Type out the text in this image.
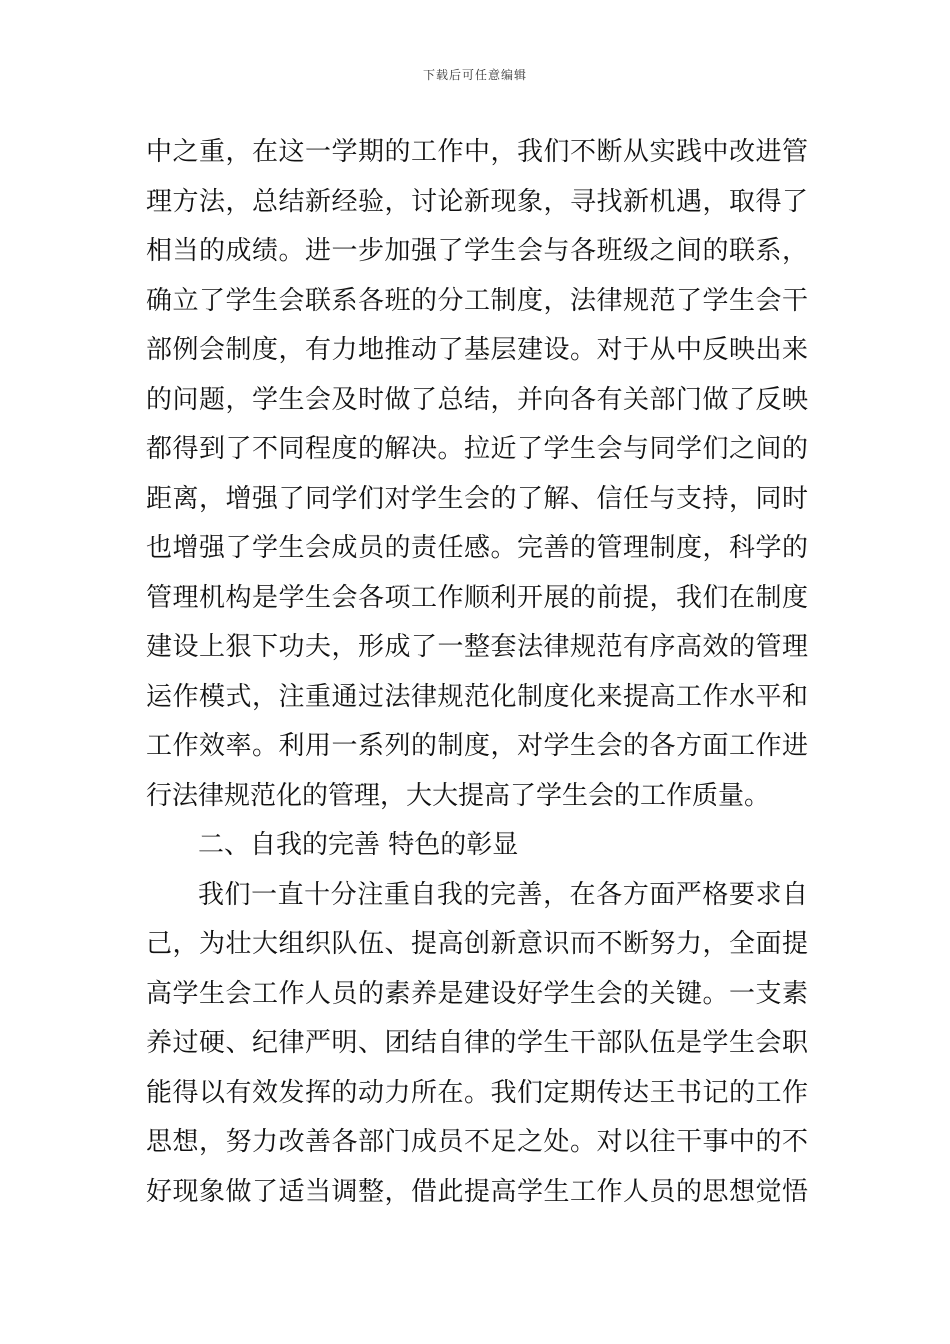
下载后可任意编辑
中之重，在这一学期的工作中，我们不断从实践中改进管
理方法，总结新经验，讨论新现象，寻找新机遇，取得了
相当的成绩。进一步加强了学生会与各班级之间的联系，
确立了学生会联系各班的分工制度，法律规范了学生会干
部例会制度，有力地推动了基层建设。对于从中反映出来
的问题，学生会及时做了总结，并向各有关部门做了反映
都得到了不同程度的解决。拉近了学生会与同学们之间的
距离，增强了同学们对学生会的了解、信任与支持，同时
也增强了学生会成员的责任感。完善的管理制度，科学的
管理机构是学生会各项工作顺利开展的前提，我们在制度
建设上狠下功夫，形成了一整套法律规范有序高效的管理
运作模式，注重通过法律规范化制度化来提高工作水平和
工作效率。利用一系列的制度，对学生会的各方面工作进
行法律规范化的管理，大大提高了学生会的工作质量。
二、自我的完善 特色的彰显
我们一直十分注重自我的完善，在各方面严格要求自
己，为壮大组织队伍、提高创新意识而不断努力，全面提
高学生会工作人员的素养是建设好学生会的关键。一支素
养过硬、纪律严明、团结自律的学生干部队伍是学生会职
能得以有效发挥的动力所在。我们定期传达王书记的工作
思想，努力改善各部门成员不足之处。对以往干事中的不
好现象做了适当调整，借此提高学生工作人员的思想觉悟
